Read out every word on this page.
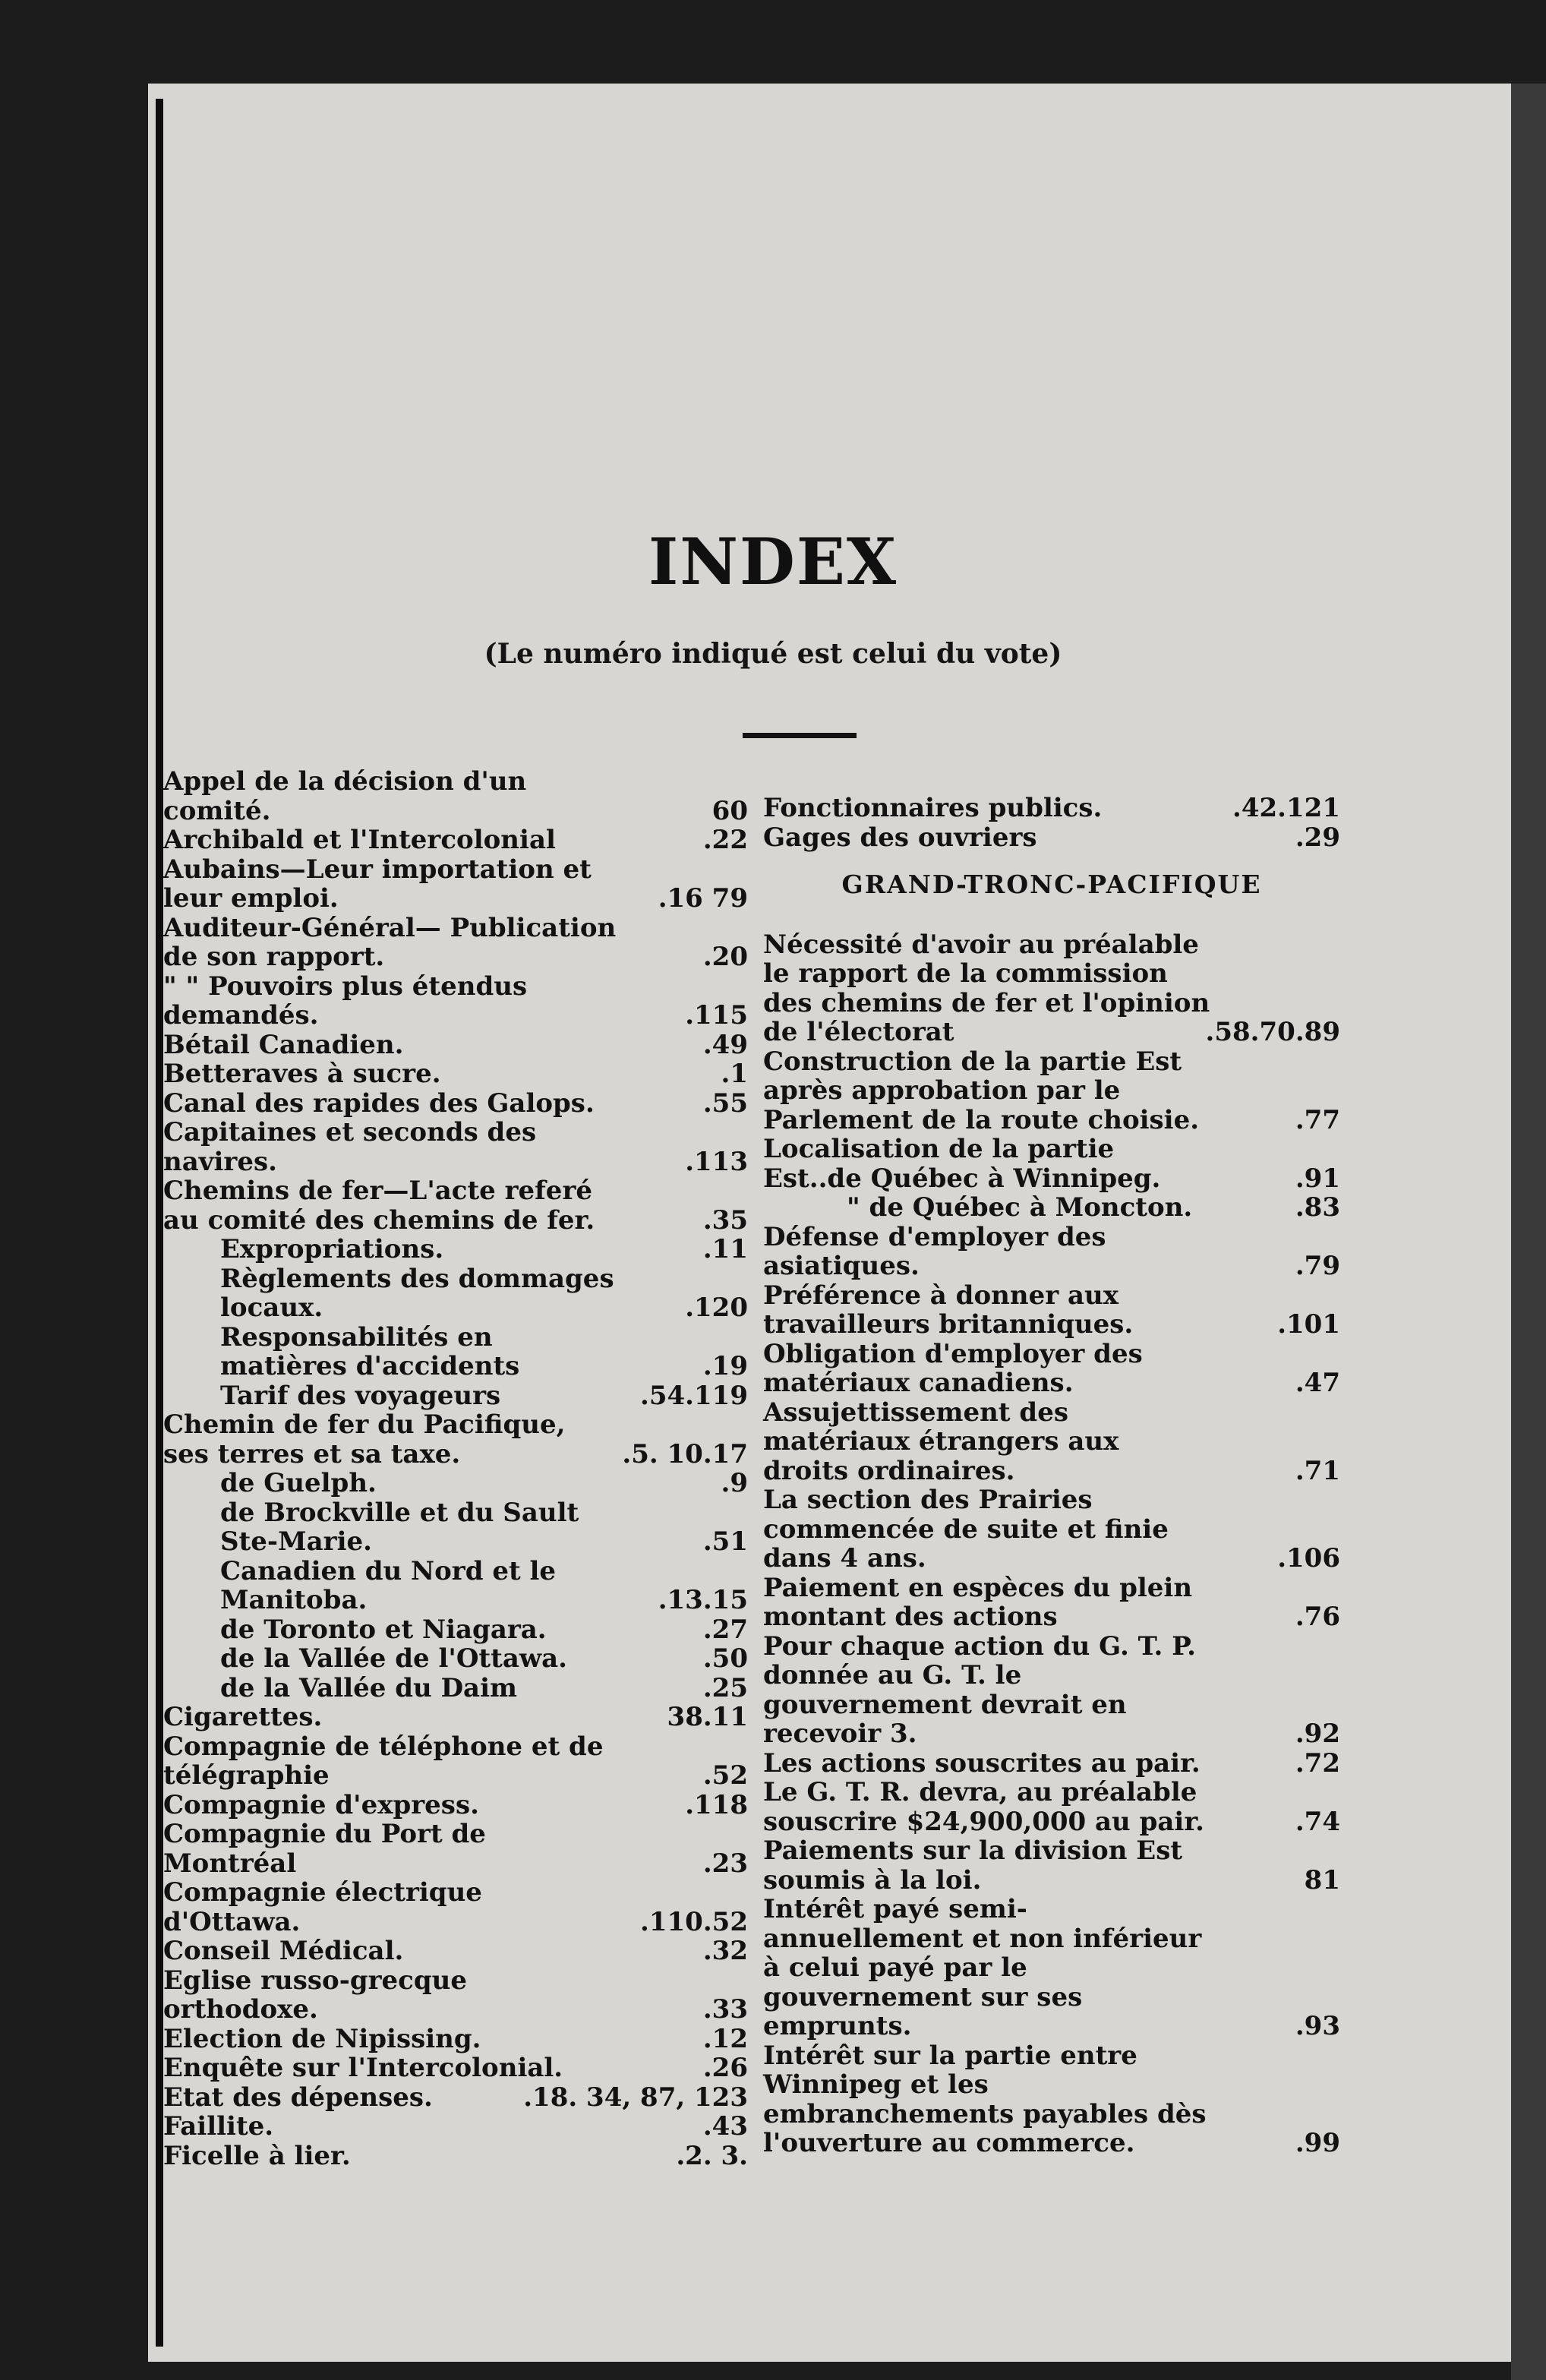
INDEX
(Le numéro indiqué est celui du vote)
Appel de la décision d'un comité.	60
Archibald et l'Intercolonial	.22
Aubains—Leur importation et leur emploi.	.16 79
Auditeur-Général— Publication de son rapport.	.20
" " Pouvoirs plus étendus demandés.	.115
Bétail Canadien.	.49
Betteraves à sucre.	.1
Canal des rapides des Galops.	.55
Capitaines et seconds des navires.	.113
Chemins de fer—L'acte referé au comité des chemins de fer.	.35
Expropriations.	.11
Règlements des dommages locaux.	.120
Responsabilités en matières d'accidents	.19
Tarif des voyageurs	.54.119
Chemin de fer du Pacifique, ses terres et sa taxe.	.5. 10.17
de Guelph.	.9
de Brockville et du Sault Ste-Marie.	.51
Canadien du Nord et le Manitoba.	.13.15
de Toronto et Niagara.	.27
de la Vallée de l'Ottawa.	.50
de la Vallée du Daim	.25
Cigarettes.	38.11
Compagnie de téléphone et de télégraphie	.52
Compagnie d'express.	.118
Compagnie du Port de Montréal	.23
Compagnie électrique d'Ottawa.	.110.52
Conseil Médical.	.32
Eglise russo-grecque orthodoxe.	.33
Election de Nipissing.	.12
Enquête sur l'Intercolonial.	.26
Etat des dépenses.	.18. 34, 87, 123
Faillite.	.43
Ficelle à lier.	.2. 3.
Fonctionnaires publics.	.42.121
Gages des ouvriers	.29
GRAND-TRONC-PACIFIQUE
Nécessité d'avoir au préalable le rapport de la commission des chemins de fer et l'opinion de l'électorat	.58.70.89
Construction de la partie Est après approbation par le Parlement de la route choisie.	.77
Localisation de la partie Est..de Québec à Winnipeg.	.91
" de Québec à Moncton.	.83
Défense d'employer des asiatiques.	.79
Préférence à donner aux travailleurs britanniques.	.101
Obligation d'employer des matériaux canadiens.	.47
Assujettissement des matériaux étrangers aux droits ordinaires.	.71
La section des Prairies commencée de suite et finie dans 4 ans.	.106
Paiement en espèces du plein montant des actions	.76
Pour chaque action du G. T. P. donnée au G. T. le gouvernement devrait en recevoir 3.	.92
Les actions souscrites au pair.	.72
Le G. T. R. devra, au préalable souscrire $24,900,000 au pair.	.74
Paiements sur la division Est soumis à la loi.	81
Intérêt payé semi-annuellement et non inférieur à celui payé par le gouvernement sur ses emprunts.	.93
Intérêt sur la partie entre Winnipeg et les embranchements payables dès l'ouverture au commerce.	.99
